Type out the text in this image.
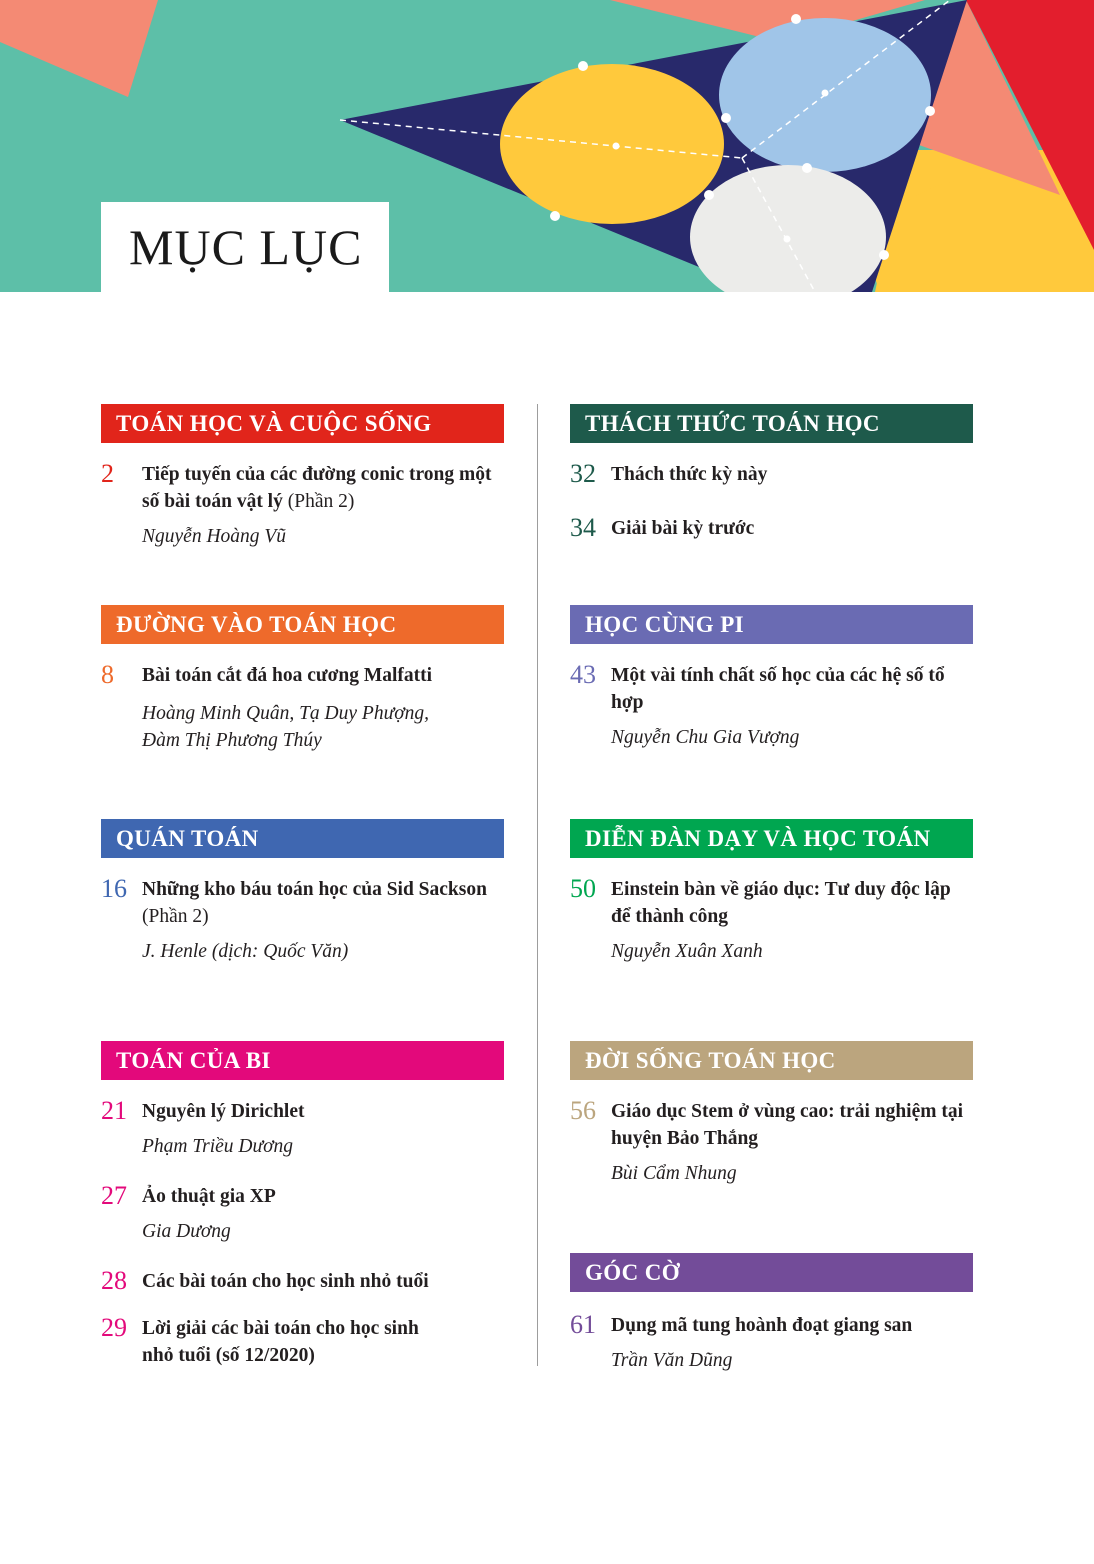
MỤC LỤC
TOÁN HỌC VÀ CUỘC SỐNG
2 Tiếp tuyến của các đường conic trong một số bài toán vật lý (Phần 2)
Nguyễn Hoàng Vũ
ĐƯỜNG VÀO TOÁN HỌC
8 Bài toán cắt đá hoa cương Malfatti
Hoàng Minh Quân, Tạ Duy Phượng,
Đàm Thị Phương Thúy
QUÁN TOÁN
16 Những kho báu toán học của Sid Sackson (Phần 2)
J. Henle (dịch: Quốc Văn)
TOÁN CỦA BI
21 Nguyên lý Dirichlet
Phạm Triều Dương
27 Ảo thuật gia XP
Gia Dương
28 Các bài toán cho học sinh nhỏ tuổi
29 Lời giải các bài toán cho học sinh nhỏ tuổi (số 12/2020)
THÁCH THỨC TOÁN HỌC
32 Thách thức kỳ này
34 Giải bài kỳ trước
HỌC CÙNG PI
43 Một vài tính chất số học của các hệ số tổ hợp
Nguyễn Chu Gia Vượng
DIỄN ĐÀN DẠY VÀ HỌC TOÁN
50 Einstein bàn về giáo dục: Tư duy độc lập để thành công
Nguyễn Xuân Xanh
ĐỜI SỐNG TOÁN HỌC
56 Giáo dục Stem ở vùng cao: trải nghiệm tại huyện Bảo Thắng
Bùi Cẩm Nhung
GÓC CỜ
61 Dụng mã tung hoành đoạt giang san
Trần Văn Dũng
